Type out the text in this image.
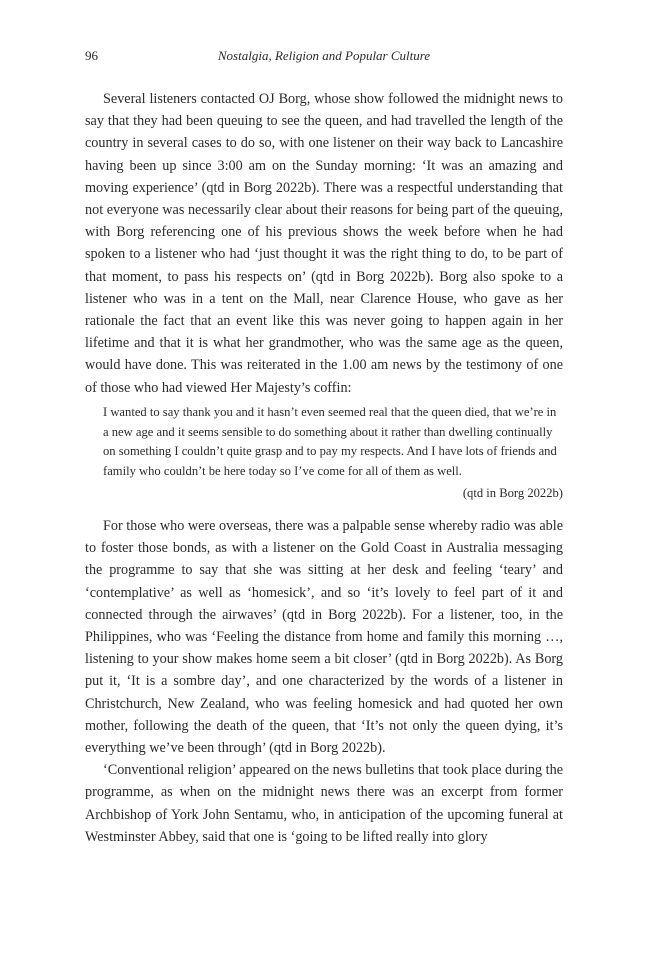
96	Nostalgia, Religion and Popular Culture

Several listeners contacted OJ Borg, whose show followed the midnight news to say that they had been queuing to see the queen, and had travelled the length of the country in several cases to do so, with one listener on their way back to Lancashire having been up since 3:00 am on the Sunday morning: ‘It was an amazing and moving experience’ (qtd in Borg 2022b). There was a respectful understanding that not everyone was necessarily clear about their reasons for being part of the queuing, with Borg referencing one of his previous shows the week before when he had spoken to a listener who had ‘just thought it was the right thing to do, to be part of that moment, to pass his respects on’ (qtd in Borg 2022b). Borg also spoke to a listener who was in a tent on the Mall, near Clarence House, who gave as her rationale the fact that an event like this was never going to happen again in her lifetime and that it is what her grandmother, who was the same age as the queen, would have done. This was reiterated in the 1.00 am news by the testimony of one of those who had viewed Her Majesty’s coffin:

I wanted to say thank you and it hasn’t even seemed real that the queen died, that we’re in a new age and it seems sensible to do something about it rather than dwelling continually on something I couldn’t quite grasp and to pay my respects. And I have lots of friends and family who couldn’t be here today so I’ve come for all of them as well.

(qtd in Borg 2022b)

For those who were overseas, there was a palpable sense whereby radio was able to foster those bonds, as with a listener on the Gold Coast in Australia messaging the programme to say that she was sitting at her desk and feeling ‘teary’ and ‘contemplative’ as well as ‘homesick’, and so ‘it’s lovely to feel part of it and connected through the airwaves’ (qtd in Borg 2022b). For a listener, too, in the Philippines, who was ‘Feeling the distance from home and family this morning …, listening to your show makes home seem a bit closer’ (qtd in Borg 2022b). As Borg put it, ‘It is a sombre day’, and one characterized by the words of a listener in Christchurch, New Zealand, who was feeling homesick and had quoted her own mother, following the death of the queen, that ‘It’s not only the queen dying, it’s everything we’ve been through’ (qtd in Borg 2022b).

‘Conventional religion’ appeared on the news bulletins that took place during the programme, as when on the midnight news there was an excerpt from former Archbishop of York John Sentamu, who, in anticipation of the upcoming funeral at Westminster Abbey, said that one is ‘going to be lifted really into glory
